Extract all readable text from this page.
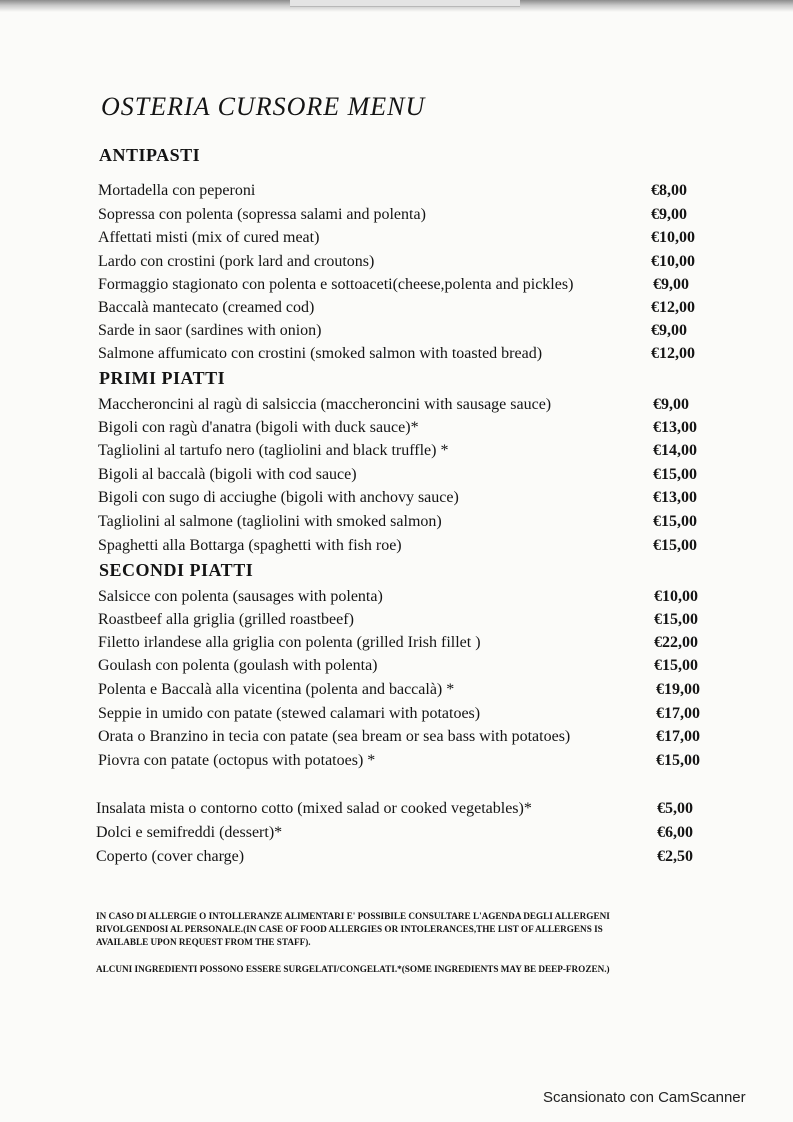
OSTERIA CURSORE MENU
ANTIPASTI
Mortadella con peperoni	€8,00
Sopressa con polenta (sopressa salami and polenta)	€9,00
Affettati misti (mix of cured meat)	€10,00
Lardo con crostini (pork lard and croutons)	€10,00
Formaggio stagionato con polenta e sottoaceti(cheese,polenta and pickles)	€9,00
Baccalà mantecato (creamed cod)	€12,00
Sarde in saor (sardines with onion)	€9,00
Salmone affumicato con crostini (smoked salmon with toasted bread)	€12,00
PRIMI PIATTI
Maccheroncini al ragù di salsiccia (maccheroncini with sausage sauce)	€9,00
Bigoli con ragù d'anatra (bigoli with duck sauce)*	€13,00
Tagliolini al tartufo nero (tagliolini and black truffle) *	€14,00
Bigoli al baccalà (bigoli with cod sauce)	€15,00
Bigoli con sugo di acciughe (bigoli with anchovy sauce)	€13,00
Tagliolini al salmone (tagliolini with smoked salmon)	€15,00
Spaghetti alla Bottarga (spaghetti with fish roe)	€15,00
SECONDI PIATTI
Salsicce con polenta (sausages with polenta)	€10,00
Roastbeef alla griglia (grilled roastbeef)	€15,00
Filetto irlandese alla griglia con polenta (grilled Irish fillet )	€22,00
Goulash con polenta (goulash with polenta)	€15,00
Polenta e Baccalà alla vicentina (polenta and baccalà) *	€19,00
Seppie in umido con patate (stewed calamari with potatoes)	€17,00
Orata o Branzino in tecia con patate (sea bream or sea bass with potatoes)	€17,00
Piovra con patate (octopus with potatoes) *	€15,00
Insalata mista o contorno cotto (mixed salad or cooked vegetables)*	€5,00
Dolci e semifreddi (dessert)*	€6,00
Coperto (cover charge)	€2,50
IN CASO DI ALLERGIE O INTOLLERANZE ALIMENTARI E' POSSIBILE CONSULTARE L'AGENDA DEGLI ALLERGENI
RIVOLGENDOSI AL PERSONALE.(IN CASE OF FOOD ALLERGIES OR INTOLERANCES,THE LIST OF ALLERGENS IS
AVAILABLE UPON REQUEST FROM THE STAFF).
ALCUNI INGREDIENTI POSSONO ESSERE SURGELATI/CONGELATI.*(SOME INGREDIENTS MAY BE DEEP-FROZEN.)
Scansionato con CamScanner
